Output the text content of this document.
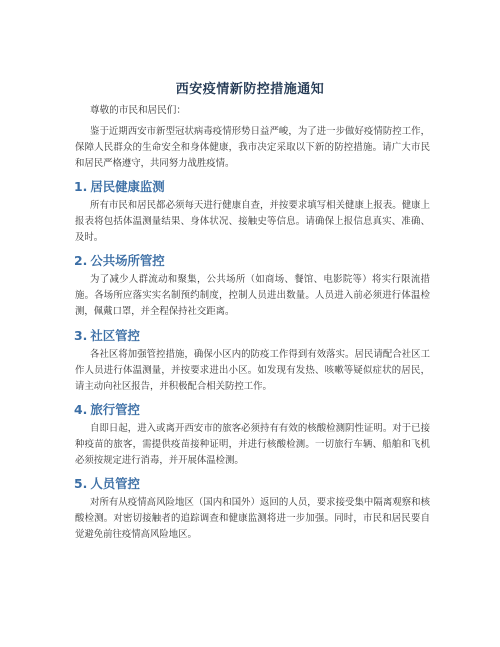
西安疫情新防控措施通知
尊敬的市民和居民们：

鉴于近期西安市新型冠状病毒疫情形势日益严峻，为了进一步做好疫情防控工作，保障人民群众的生命安全和身体健康，我市决定采取以下新的防控措施。请广大市民和居民严格遵守，共同努力战胜疫情。

1. 居民健康监测

所有市民和居民都必须每天进行健康自查，并按要求填写相关健康上报表。健康上报表将包括体温测量结果、身体状况、接触史等信息。请确保上报信息真实、准确、及时。

2. 公共场所管控

为了减少人群流动和聚集，公共场所（如商场、餐馆、电影院等）将实行限流措施。各场所应落实实名制预约制度，控制人员进出数量。人员进入前必须进行体温检测，佩戴口罩，并全程保持社交距离。

3. 社区管控

各社区将加强管控措施，确保小区内的防疫工作得到有效落实。居民请配合社区工作人员进行体温测量，并按要求进出小区。如发现有发热、咳嗽等疑似症状的居民，请主动向社区报告，并积极配合相关防控工作。

4. 旅行管控

自即日起，进入或离开西安市的旅客必须持有有效的核酸检测阴性证明。对于已接种疫苗的旅客，需提供疫苗接种证明，并进行核酸检测。一切旅行车辆、船舶和飞机必须按规定进行消毒，并开展体温检测。

5. 人员管控

对所有从疫情高风险地区（国内和国外）返回的人员，要求接受集中隔离观察和核酸检测。对密切接触者的追踪调查和健康监测将进一步加强。同时，市民和居民要自觉避免前往疫情高风险地区。
